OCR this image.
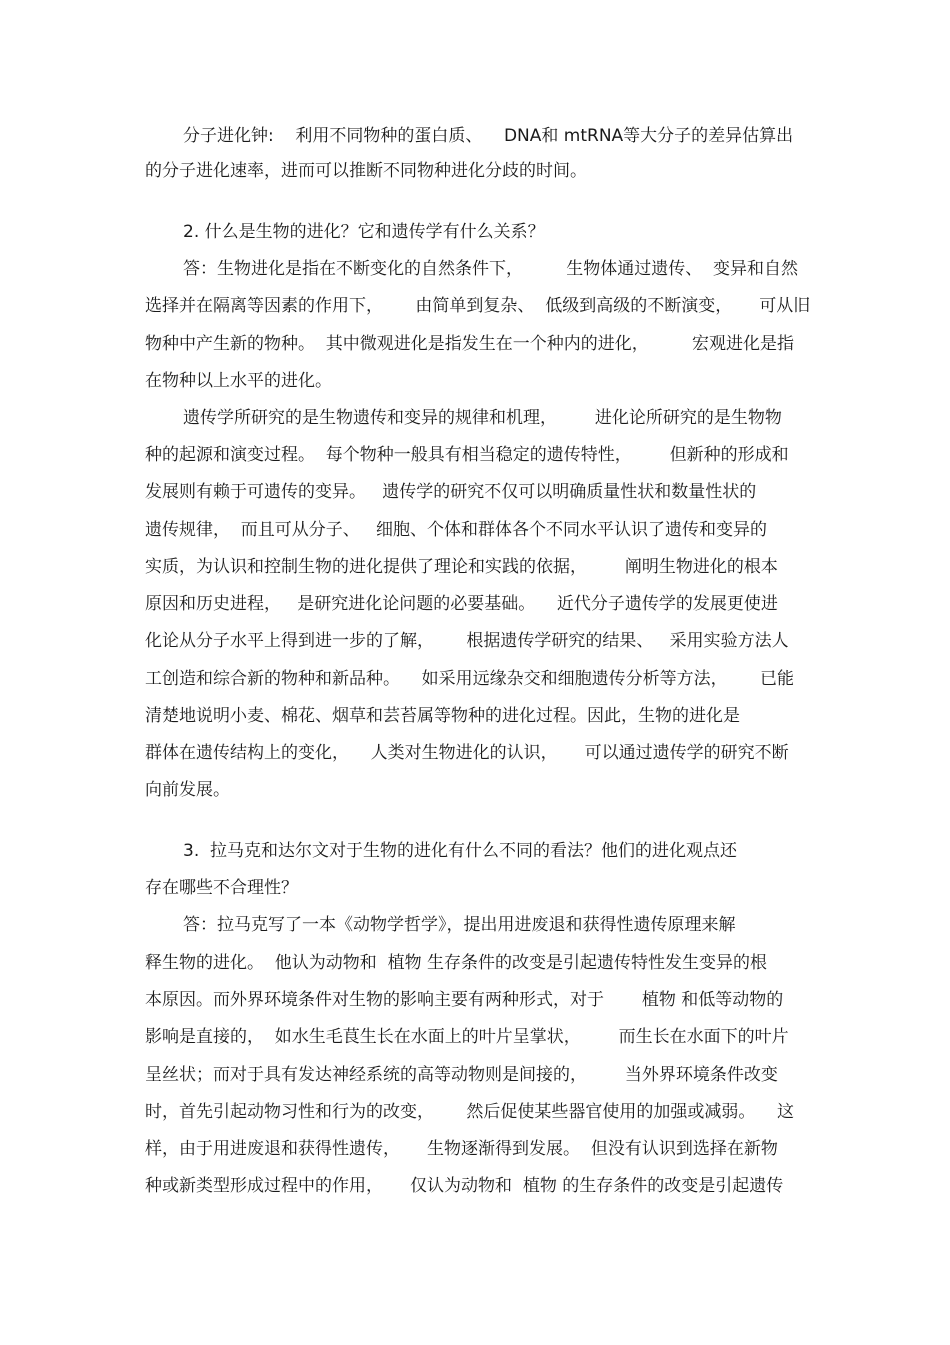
分子进化钟:    利用不同物种的蛋白质、    DNA和 mtRNA等大分子的差异估算出
的分子进化速率，进而可以推断不同物种进化分歧的时间。
2. 什么是生物的进化？它和遗传学有什么关系？
答：生物进化是指在不断变化的自然条件下，        生物体通过遗传、  变异和自然
选择并在隔离等因素的作用下，      由简单到复杂、  低级到高级的不断演变，     可从旧
物种中产生新的物种。  其中微观进化是指发生在一个种内的进化，        宏观进化是指
在物种以上水平的进化。
遗传学所研究的是生物遗传和变异的规律和机理，       进化论所研究的是生物物
种的起源和演变过程。  每个物种一般具有相当稳定的遗传特性，       但新种的形成和
发展则有赖于可遗传的变异。   遗传学的研究不仅可以明确质量性状和数量性状的
遗传规律，  而且可从分子、   细胞、个体和群体各个不同水平认识了遗传和变异的
实质，为认识和控制生物的进化提供了理论和实践的依据，       阐明生物进化的根本
原因和历史进程，   是研究进化论问题的必要基础。    近代分子遗传学的发展更使进
化论从分子水平上得到进一步的了解，      根据遗传学研究的结果、   采用实验方法人
工创造和综合新的物种和新品种。    如采用远缘杂交和细胞遗传分析等方法，      已能
清楚地说明小麦、棉花、烟草和芸苔属等物种的进化过程。因此，生物的进化是
群体在遗传结构上的变化，    人类对生物进化的认识，     可以通过遗传学的研究不断
向前发展。
3.  拉马克和达尔文对于生物的进化有什么不同的看法？他们的进化观点还
存在哪些不合理性？
答：拉马克写了一本《动物学哲学》，提出用进废退和获得性遗传原理来解
释生物的进化。  他认为动物和  植物 生存条件的改变是引起遗传特性发生变异的根
本原因。而外界环境条件对生物的影响主要有两种形式，对于       植物 和低等动物的
影响是直接的，  如水生毛茛生长在水面上的叶片呈掌状，       而生长在水面下的叶片
呈丝状；而对于具有发达神经系统的高等动物则是间接的，       当外界环境条件改变
时，首先引起动物习性和行为的改变，      然后促使某些器官使用的加强或减弱。    这
样，由于用进废退和获得性遗传，     生物逐渐得到发展。  但没有认识到选择在新物
种或新类型形成过程中的作用，     仅认为动物和  植物 的生存条件的改变是引起遗传
